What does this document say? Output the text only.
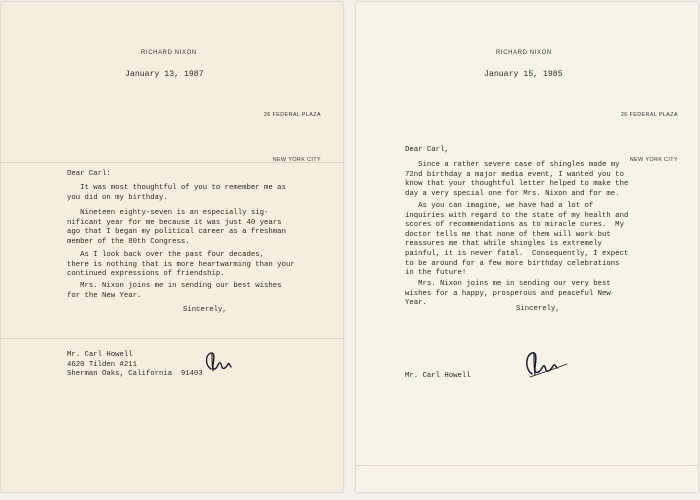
RICHARD NIXON
January 13, 1987

26 FEDERAL PLAZA

NEW YORK CITY

Dear Carl:
It was most thoughtful of you to remember me as
you did on my birthday.
Nineteen eighty-seven is an especially sig-
nificant year for me because it was just 40 years
ago that I began my political career as a freshman
member of the 80th Congress.
As I look back over the past four decades,
there is nothing that is more heartwarming than your
continued expressions of friendship.
Mrs. Nixon joins me in sending our best wishes
for the New Year.
Sincerely,

Mr. Carl Howell
4620 Tilden #211
Sherman Oaks, California  91403
RICHARD NIXON
January 15, 1985

26 FEDERAL PLAZA

NEW YORK CITY

Dear Carl,
Since a rather severe case of shingles made my
72nd birthday a major media event, I wanted you to
know that your thoughtful letter helped to make the
day a very special one for Mrs. Nixon and for me.
As you can imagine, we have had a lot of
inquiries with regard to the state of my health and
scores of recommendations as to miracle cures.  My
doctor tells me that none of them will work but
reassures me that while shingles is extremely
painful, it is never fatal.  Consequently, I expect
to be around for a few more birthday celebrations
in the future!
Mrs. Nixon joins me in sending our very best
wishes for a happy, prosperous and peaceful New
Year.
Sincerely,

Mr. Carl Howell
